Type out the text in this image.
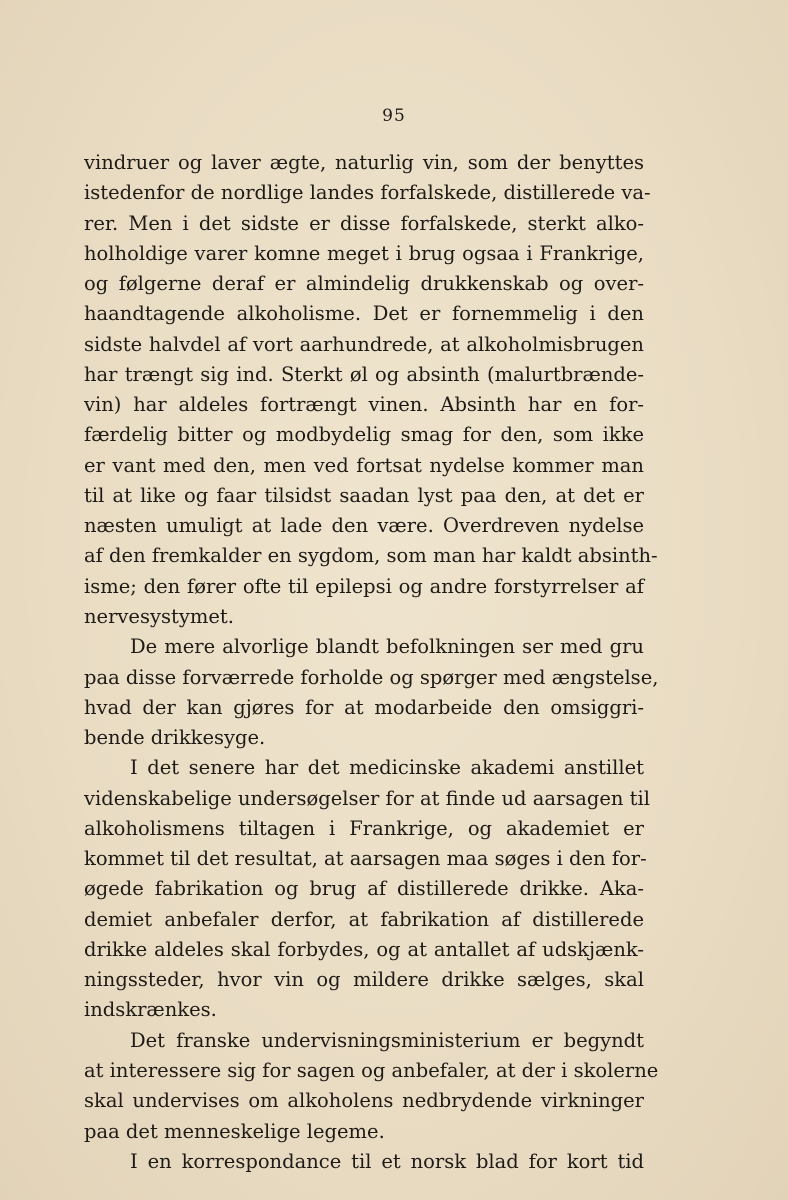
95
vindruer og laver ægte, naturlig vin, som der benyttes
istedenfor de nordlige landes forfalskede, distillerede va-
rer. Men i det sidste er disse forfalskede, sterkt alko-
holholdige varer komne meget i brug ogsaa i Frankrige,
og følgerne deraf er almindelig drukkenskab og over-
haandtagende alkoholisme. Det er fornemmelig i den
sidste halvdel af vort aarhundrede, at alkoholmisbrugen
har trængt sig ind. Sterkt øl og absinth (malurtbrænde-
vin) har aldeles fortrængt vinen. Absinth har en for-
færdelig bitter og modbydelig smag for den, som ikke
er vant med den, men ved fortsat nydelse kommer man
til at like og faar tilsidst saadan lyst paa den, at det er
næsten umuligt at lade den være. Overdreven nydelse
af den fremkalder en sygdom, som man har kaldt absinth-
isme; den fører ofte til epilepsi og andre forstyrrelser af
nervesystymet.
De mere alvorlige blandt befolkningen ser med gru
paa disse forværrede forholde og spørger med ængstelse,
hvad der kan gjøres for at modarbeide den omsiggri-
bende drikkesyge.
I det senere har det medicinske akademi anstillet
videnskabelige undersøgelser for at finde ud aarsagen til
alkoholismens tiltagen i Frankrige, og akademiet er
kommet til det resultat, at aarsagen maa søges i den for-
øgede fabrikation og brug af distillerede drikke. Aka-
demiet anbefaler derfor, at fabrikation af distillerede
drikke aldeles skal forbydes, og at antallet af udskjænk-
ningssteder, hvor vin og mildere drikke sælges, skal
indskrænkes.
Det franske undervisningsministerium er begyndt
at interessere sig for sagen og anbefaler, at der i skolerne
skal undervises om alkoholens nedbrydende virkninger
paa det menneskelige legeme.
I en korrespondance til et norsk blad for kort tid
